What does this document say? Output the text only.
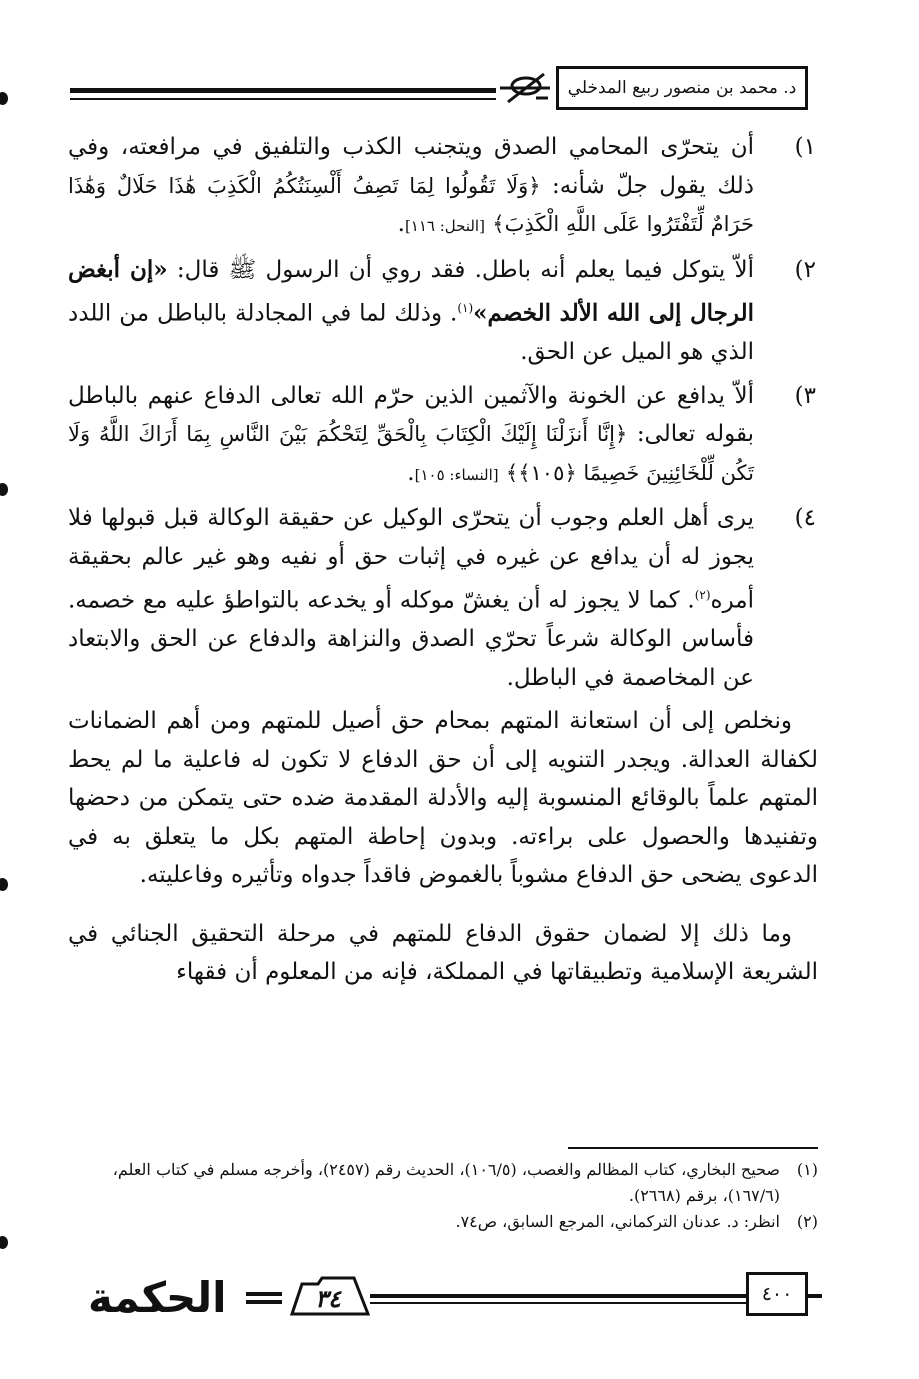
د. محمد بن منصور ربيع المدخلي
١)
أن يتحرّى المحامي الصدق ويتجنب الكذب والتلفيق في مرافعته، وفي ذلك يقول جلّ شأنه: ﴿وَلَا تَقُولُوا لِمَا تَصِفُ أَلْسِنَتُكُمُ الْكَذِبَ هَٰذَا حَلَالٌ وَهَٰذَا حَرَامٌ لِّتَفْتَرُوا عَلَى اللَّهِ الْكَذِبَ﴾ [النحل: ١١٦].
٢)
ألاّ يتوكل فيما يعلم أنه باطل. فقد روي أن الرسول ﷺ قال: «إن أبغض الرجال إلى الله الألد الخصم»$^{(١)}$. وذلك لما في المجادلة بالباطل من اللدد الذي هو الميل عن الحق.
٣)
ألاّ يدافع عن الخونة والآثمين الذين حرّم الله تعالى الدفاع عنهم بالباطل بقوله تعالى: ﴿إِنَّا أَنزَلْنَا إِلَيْكَ الْكِتَابَ بِالْحَقِّ لِتَحْكُمَ بَيْنَ النَّاسِ بِمَا أَرَاكَ اللَّهُ وَلَا تَكُن لِّلْخَائِنِينَ خَصِيمًا ﴿١٠٥﴾﴾ [النساء: ١٠٥].
٤)
يرى أهل العلم وجوب أن يتحرّى الوكيل عن حقيقة الوكالة قبل قبولها فلا يجوز له أن يدافع عن غيره في إثبات حق أو نفيه وهو غير عالم بحقيقة أمره$^{(٢)}$. كما لا يجوز له أن يغشّ موكله أو يخدعه بالتواطؤ عليه مع خصمه. فأساس الوكالة شرعاً تحرّي الصدق والنزاهة والدفاع عن الحق والابتعاد عن المخاصمة في الباطل.

ونخلص إلى أن استعانة المتهم بمحام حق أصيل للمتهم ومن أهم الضمانات لكفالة العدالة. ويجدر التنويه إلى أن حق الدفاع لا تكون له فاعلية ما لم يحط المتهم علماً بالوقائع المنسوبة إليه والأدلة المقدمة ضده حتى يتمكن من دحضها وتفنيدها والحصول على براءته. وبدون إحاطة المتهم بكل ما يتعلق به في الدعوى يضحى حق الدفاع مشوباً بالغموض فاقداً جدواه وتأثيره وفاعليته.

وما ذلك إلا لضمان حقوق الدفاع للمتهم في مرحلة التحقيق الجنائي في الشريعة الإسلامية وتطبيقاتها في المملكة، فإنه من المعلوم أن فقهاء

(١)
صحيح البخاري، كتاب المظالم والغصب، (١٠٦/٥)، الحديث رقم (٢٤٥٧)، وأخرجه مسلم في كتاب العلم، (١٦٧/٦)، برقم (٢٦٦٨).
(٢)
انظر: د. عدنان التركماني، المرجع السابق، ص٧٤.
الحكمة	٣٤	٤٠٠
